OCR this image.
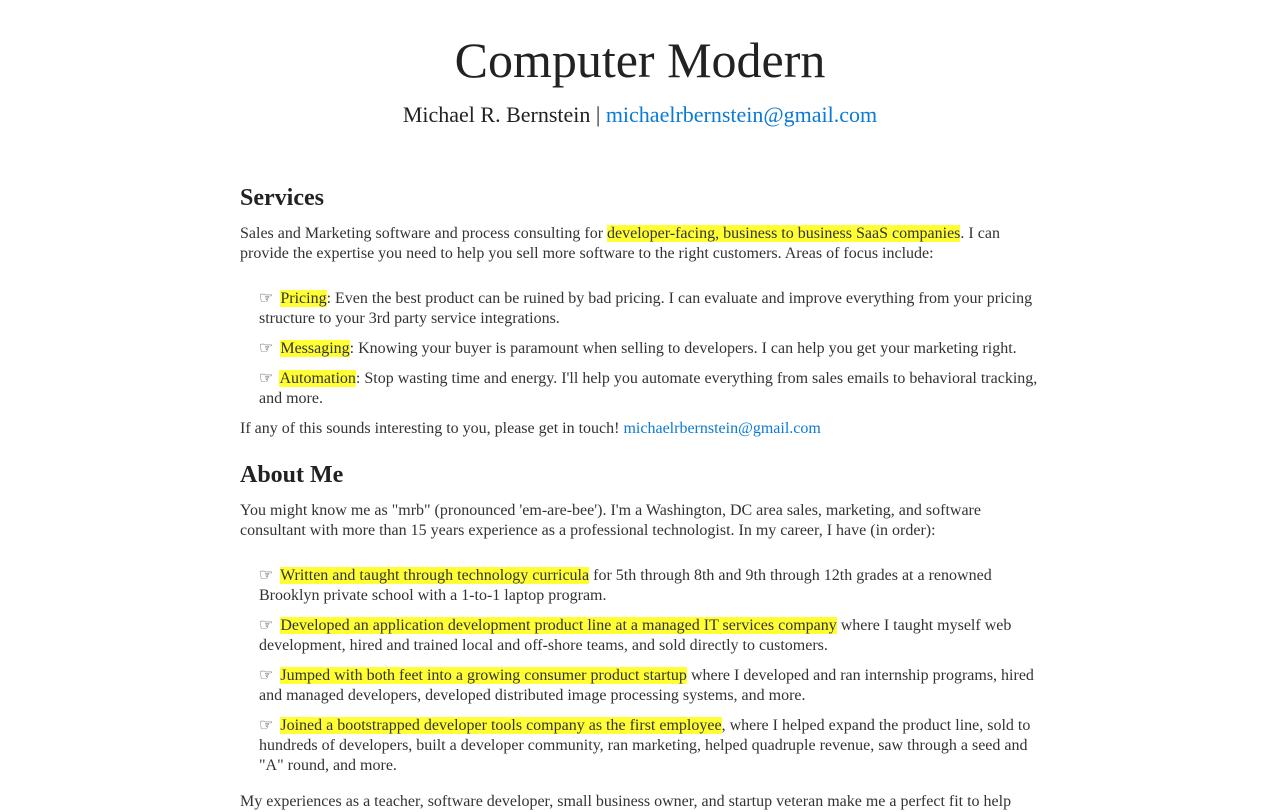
Computer Modern
Michael R. Bernstein | michaelrbernstein@gmail.com
Services

Sales and Marketing software and process consulting for developer-facing, business to business SaaS companies. I can provide the expertise you need to help you sell more software to the right customers. Areas of focus include:

☞ Pricing: Even the best product can be ruined by bad pricing. I can evaluate and improve everything from your pricing structure to your 3rd party service integrations.
☞ Messaging: Knowing your buyer is paramount when selling to developers. I can help you get your marketing right.
☞ Automation: Stop wasting time and energy. I'll help you automate everything from sales emails to behavioral tracking, and more.

If any of this sounds interesting to you, please get in touch! michaelrbernstein@gmail.com

About Me

You might know me as "mrb" (pronounced 'em-are-bee'). I'm a Washington, DC area sales, marketing, and software consultant with more than 15 years experience as a professional technologist. In my career, I have (in order):

☞ Written and taught through technology curricula for 5th through 8th and 9th through 12th grades at a renowned Brooklyn private school with a 1-to-1 laptop program.
☞ Developed an application development product line at a managed IT services company where I taught myself web development, hired and trained local and off-shore teams, and sold directly to customers.
☞ Jumped with both feet into a growing consumer product startup where I developed and ran internship programs, hired and managed developers, developed distributed image processing systems, and more.
☞ Joined a bootstrapped developer tools company as the first employee, where I helped expand the product line, sold to hundreds of developers, built a developer community, ran marketing, helped quadruple revenue, saw through a seed and "A" round, and more.

My experiences as a teacher, software developer, small business owner, and startup veteran make me a perfect fit to help
